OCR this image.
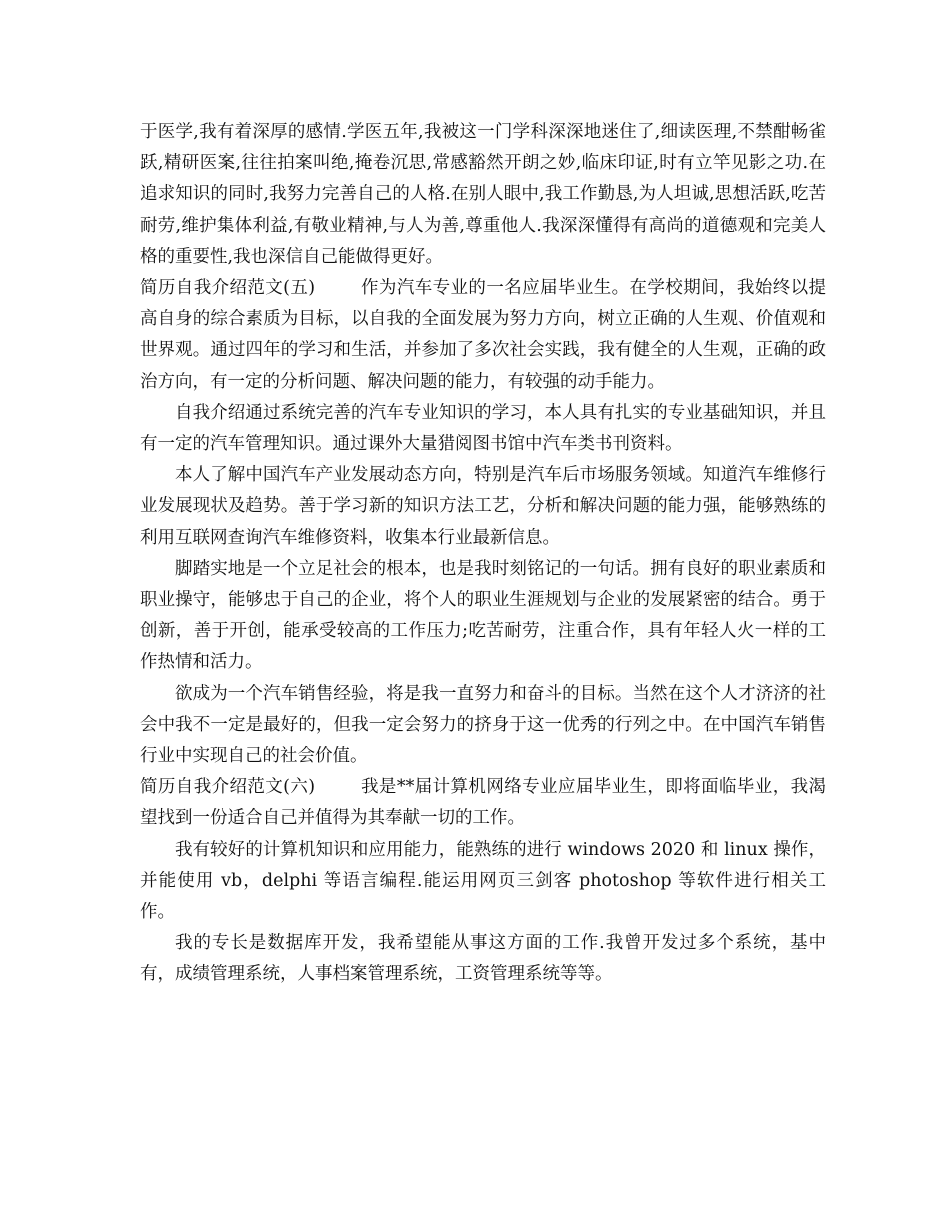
于医学,我有着深厚的感情.学医五年,我被这一门学科深深地迷住了,细读医理,不禁酣畅雀跃,精研医案,往往拍案叫绝,掩卷沉思,常感豁然开朗之妙,临床印证,时有立竿见影之功.在追求知识的同时,我努力完善自己的人格.在别人眼中,我工作勤恳,为人坦诚,思想活跃,吃苦耐劳,维护集体利益,有敬业精神,与人为善,尊重他人.我深深懂得有高尚的道德观和完美人格的重要性,我也深信自己能做得更好。

简历自我介绍范文(五)	作为汽车专业的一名应届毕业生。在学校期间，我始终以提高自身的综合素质为目标，以自我的全面发展为努力方向，树立正确的人生观、价值观和世界观。通过四年的学习和生活，并参加了多次社会实践，我有健全的人生观，正确的政治方向，有一定的分析问题、解决问题的能力，有较强的动手能力。

自我介绍通过系统完善的汽车专业知识的学习，本人具有扎实的专业基础知识，并且有一定的汽车管理知识。通过课外大量猎阅图书馆中汽车类书刊资料。

本人了解中国汽车产业发展动态方向，特别是汽车后市场服务领域。知道汽车维修行业发展现状及趋势。善于学习新的知识方法工艺，分析和解决问题的能力强，能够熟练的利用互联网查询汽车维修资料，收集本行业最新信息。

脚踏实地是一个立足社会的根本，也是我时刻铭记的一句话。拥有良好的职业素质和职业操守，能够忠于自己的企业，将个人的职业生涯规划与企业的发展紧密的结合。勇于创新，善于开创，能承受较高的工作压力;吃苦耐劳，注重合作，具有年轻人火一样的工作热情和活力。

欲成为一个汽车销售经验，将是我一直努力和奋斗的目标。当然在这个人才济济的社会中我不一定是最好的，但我一定会努力的挤身于这一优秀的行列之中。在中国汽车销售行业中实现自己的社会价值。

简历自我介绍范文(六)	我是**届计算机网络专业应届毕业生，即将面临毕业，我渴望找到一份适合自己并值得为其奉献一切的工作。

我有较好的计算机知识和应用能力，能熟练的进行 windows 2020 和 linux 操作，并能使用 vb，delphi 等语言编程.能运用网页三剑客 photoshop 等软件进行相关工作。

我的专长是数据库开发，我希望能从事这方面的工作.我曾开发过多个系统，基中有，成绩管理系统，人事档案管理系统，工资管理系统等等。
